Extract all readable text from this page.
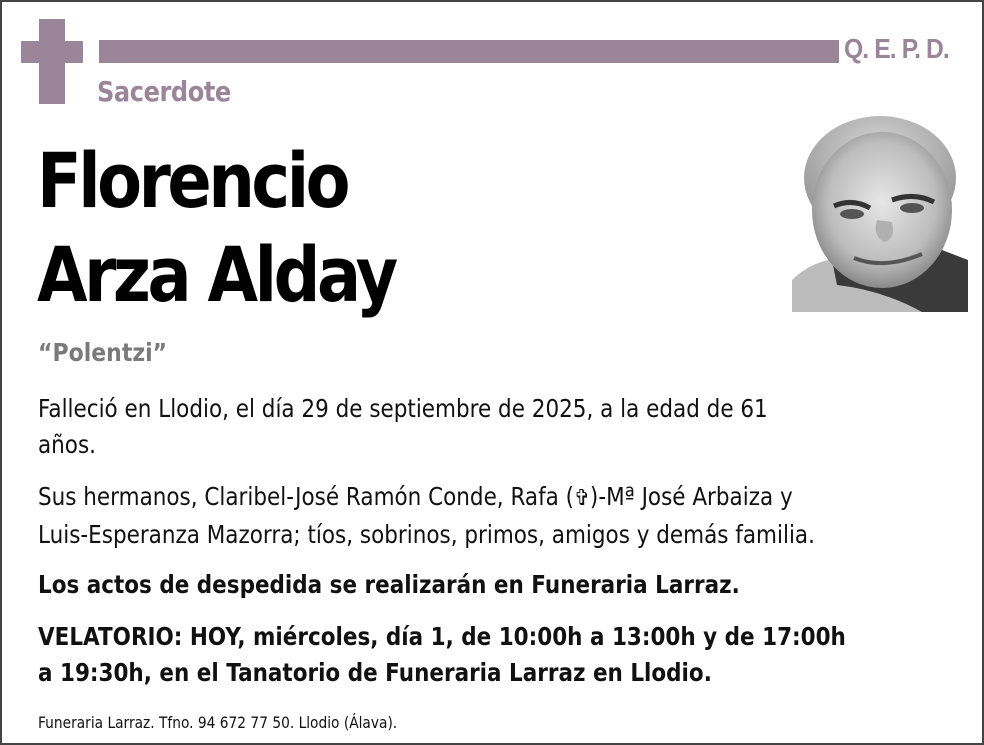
Q. E. P. D.
Sacerdote
Florencio
Arza Alday
“Polentzi”
Falleció en Llodio, el día 29 de septiembre de 2025, a la edad de 61
años.
Sus hermanos, Claribel-José Ramón Conde, Rafa (✞)-Mª José Arbaiza y
Luis-Esperanza Mazorra; tíos, sobrinos, primos, amigos y demás familia.
Los actos de despedida se realizarán en Funeraria Larraz.
VELATORIO: HOY, miércoles, día 1, de 10:00h a 13:00h y de 17:00h
a 19:30h, en el Tanatorio de Funeraria Larraz en Llodio.
Funeraria Larraz. Tfno. 94 672 77 50. Llodio (Álava).
